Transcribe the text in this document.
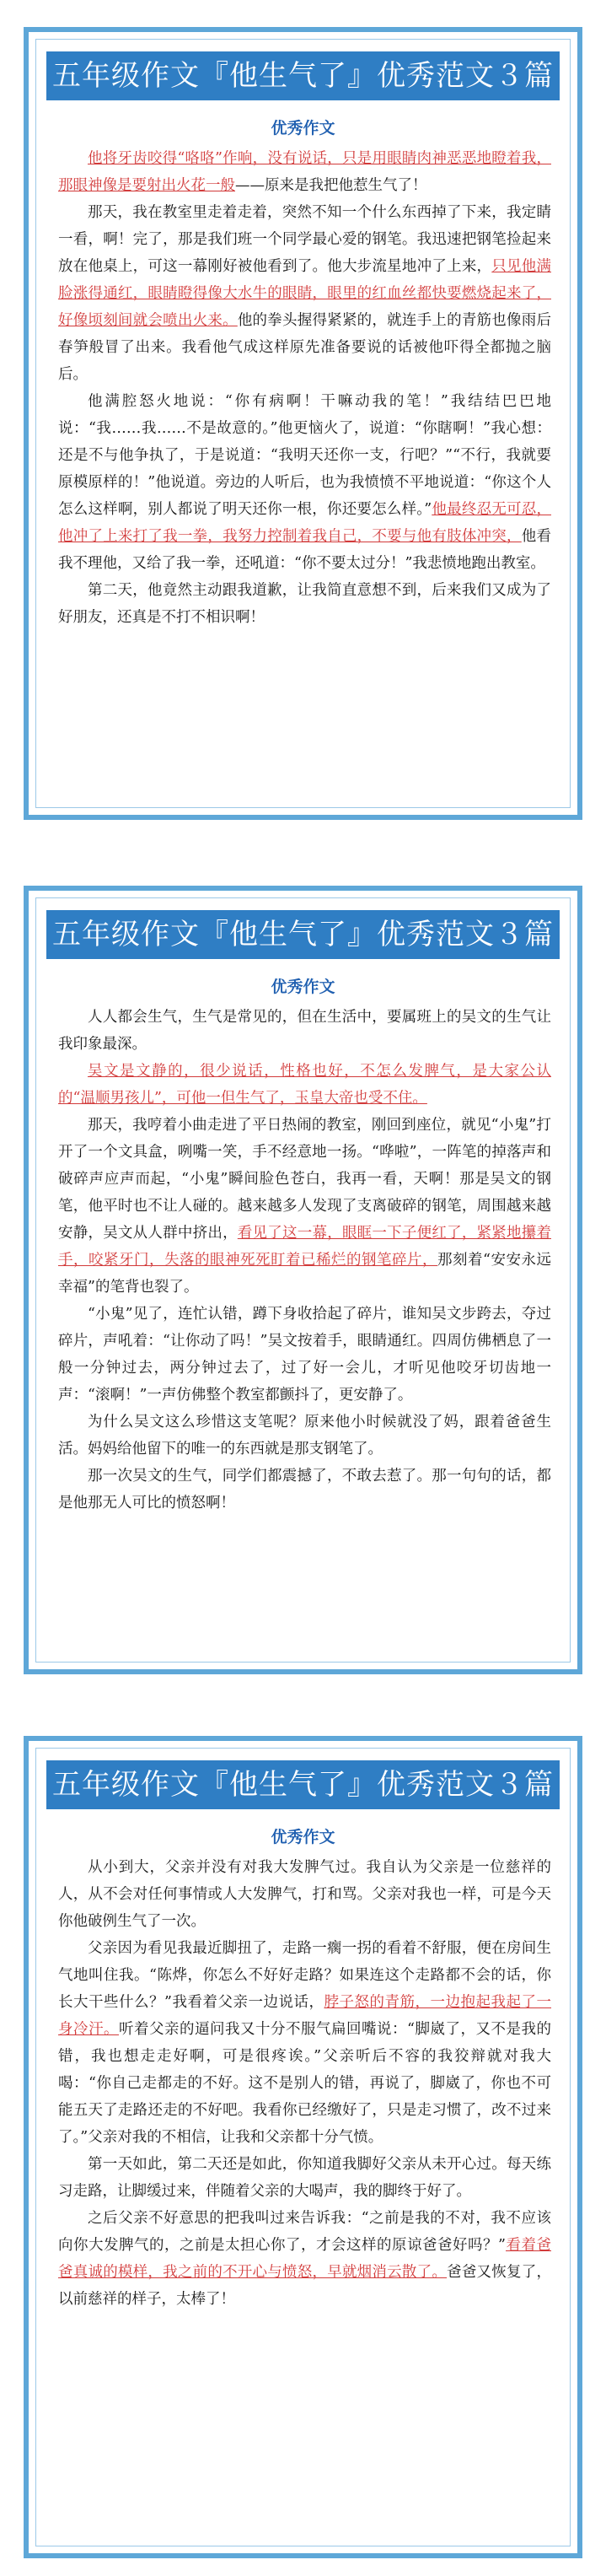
五年级作文『他生气了』优秀范文３篇
优秀作文

他将牙齿咬得“咯咯”作响，没有说话，只是用眼睛肉神恶恶地瞪着我，那眼神像是要射出火花一般——原来是我把他惹生气了！

那天，我在教室里走着走着，突然不知一个什么东西掉了下来，我定睛一看，啊！完了，那是我们班一个同学最心爱的钢笔。我迅速把钢笔捡起来放在他桌上，可这一幕刚好被他看到了。他大步流星地冲了上来，只见他满脸涨得通红，眼睛瞪得像大水牛的眼睛，眼里的红血丝都快要燃烧起来了，好像顷刻间就会喷出火来。他的拳头握得紧紧的，就连手上的青筋也像雨后春笋般冒了出来。我看他气成这样原先准备要说的话被他吓得全都抛之脑后。

他满腔怒火地说：“你有病啊！干嘛动我的笔！”我结结巴巴地说：“我……我……不是故意的。”他更恼火了，说道：“你瞎啊！”我心想：还是不与他争执了，于是说道：“我明天还你一支，行吧？”“不行，我就要原模原样的！”他说道。旁边的人听后，也为我愤愤不平地说道：“你这个人怎么这样啊，别人都说了明天还你一根，你还要怎么样。”他最终忍无可忍，他冲了上来打了我一拳，我努力控制着我自己，不要与他有肢体冲突，他看我不理他，又给了我一拳，还吼道：“你不要太过分！”我悲愤地跑出教室。

第二天，他竟然主动跟我道歉，让我简直意想不到，后来我们又成为了好朋友，还真是不打不相识啊！

五年级作文『他生气了』优秀范文３篇
优秀作文

人人都会生气，生气是常见的，但在生活中，要属班上的吴文的生气让我印象最深。

吴文是文静的，很少说话，性格也好，不怎么发脾气，是大家公认的“温顺男孩儿”，可他一但生气了，玉皇大帝也受不住。

那天，我哼着小曲走进了平日热闹的教室，刚回到座位，就见“小鬼”打开了一个文具盒，咧嘴一笑，手不经意地一扬。“哗啦”，一阵笔的掉落声和破碎声应声而起，“小鬼”瞬间脸色苍白，我再一看，天啊！那是吴文的钢笔，他平时也不让人碰的。越来越多人发现了支离破碎的钢笔，周围越来越安静，吴文从人群中挤出，看见了这一幕，眼眶一下子便红了，紧紧地攥着手，咬紧牙门，失落的眼神死死盯着已稀烂的钢笔碎片，那刻着“安安永远幸福”的笔背也裂了。

“小鬼”见了，连忙认错，蹲下身收拾起了碎片，谁知吴文步跨去，夺过碎片，声吼着：“让你动了吗！”吴文按着手，眼睛通红。四周仿佛栖息了一般一分钟过去，两分钟过去了，过了好一会儿，才听见他咬牙切齿地一声：“滚啊！”一声仿佛整个教室都颤抖了，更安静了。

为什么吴文这么珍惜这支笔呢？原来他小时候就没了妈，跟着爸爸生活。妈妈给他留下的唯一的东西就是那支钢笔了。

那一次吴文的生气，同学们都震撼了，不敢去惹了。那一句句的话，都是他那无人可比的愤怒啊！

五年级作文『他生气了』优秀范文３篇
优秀作文

从小到大，父亲并没有对我大发脾气过。我自认为父亲是一位慈祥的人，从不会对任何事情或人大发脾气，打和骂。父亲对我也一样，可是今天你他破例生气了一次。

父亲因为看见我最近脚扭了，走路一瘸一拐的看着不舒服，便在房间生气地叫住我。“陈烨，你怎么不好好走路？如果连这个走路都不会的话，你长大干些什么？”我看着父亲一边说话，脖子怒的青筋，一边抱起我起了一身冷汗。听着父亲的逼问我又十分不服气扁回嘴说：“脚崴了，又不是我的错，我也想走走好啊，可是很疼诶。”父亲听后不容的我狡辩就对我大喝：“你自己走都走的不好。这不是别人的错，再说了，脚崴了，你也不可能五天了走路还走的不好吧。我看你已经缴好了，只是走习惯了，改不过来了。”父亲对我的不相信，让我和父亲都十分气愤。

第一天如此，第二天还是如此，你知道我脚好父亲从未开心过。每天练习走路，让脚缓过来，伴随着父亲的大喝声，我的脚终于好了。

之后父亲不好意思的把我叫过来告诉我：“之前是我的不对，我不应该向你大发脾气的，之前是太担心你了，才会这样的原谅爸爸好吗？”看着爸爸真诚的模样，我之前的不开心与愤怒，早就烟消云散了。爸爸又恢复了，以前慈祥的样子，太棒了！
